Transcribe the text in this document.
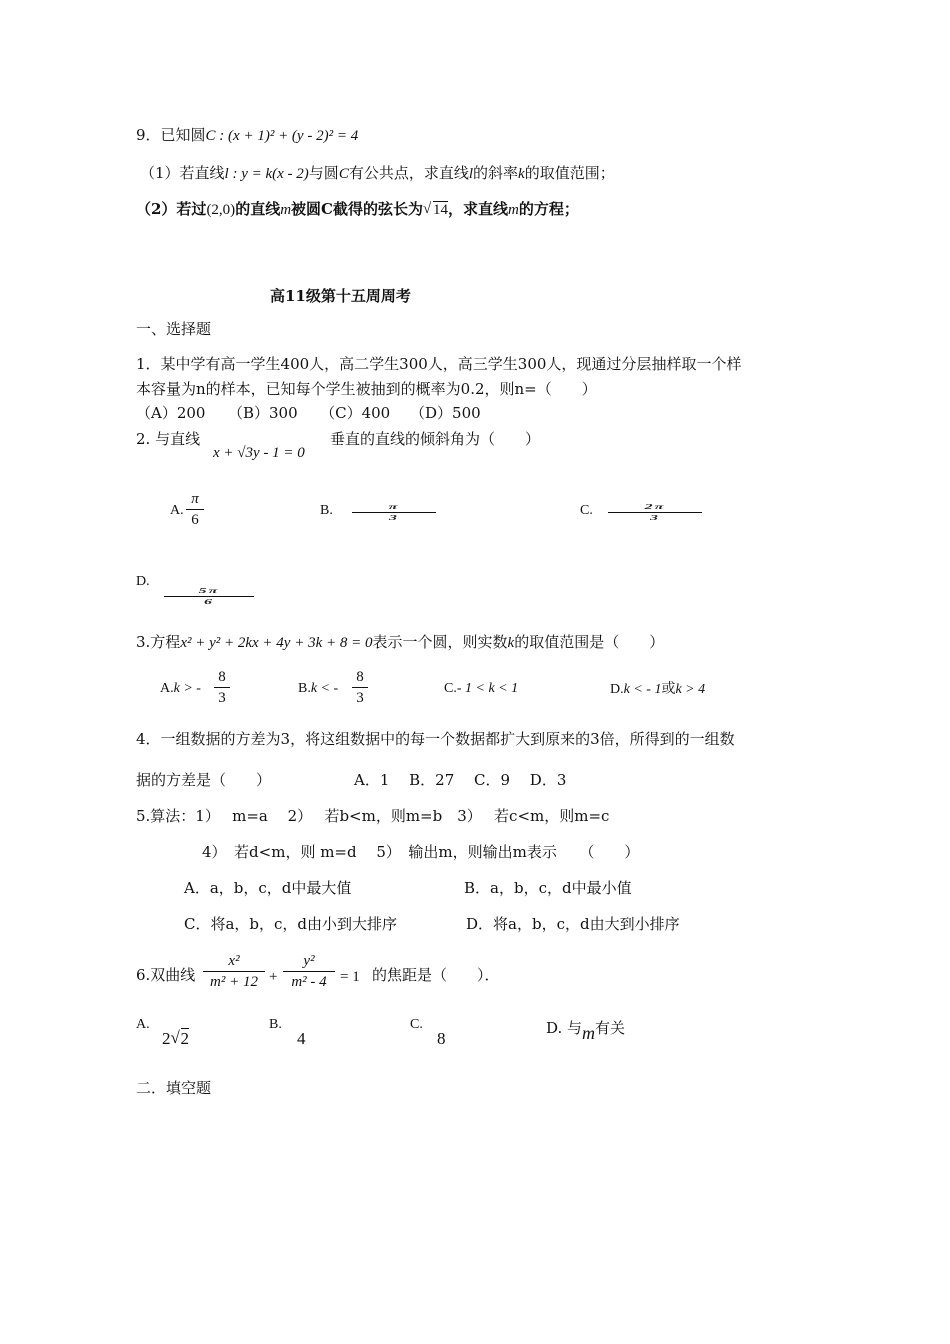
9．已知圆C : (x + 1)² + (y - 2)² = 4
（1）若直线l : y = k(x - 2)与圆C有公共点，求直线l的斜率k的取值范围；
（2）若过(2,0)的直线m被圆C截得的弦长为 √ 14，求直线m的方程；
高11级第十五周周考
一、选择题
1．某中学有高一学生400人，高二学生300人，高三学生300人，现通过分层抽样取一个样
本容量为n的样本，已知每个学生被抽到的概率为0.2，则n=（　　）
（A）200　　（B）300　　（C）400　 （D）500
2. 与直线
x + √3y - 1 = 0
垂直的直线的倾斜角为（　　）
A.
π
6
B.	π
3	C.	2π
3
D.
5π
6
3.方程x² + y² + 2kx + 4y + 3k + 8 = 0表示一个圆，则实数k的取值范围是（　　）
A.k > -
8
3
B.k < -
8
3
C.- 1 < k < 1	D.k < - 1或k > 4
4．一组数据的方差为3，将这组数据中的每一个数据都扩大到原来的3倍，所得到的一组数
据的方差是（　　）	A．1　 B．27　 C．9　 D．3
5.算法：1）　 m=a　 2）　 若b<m，则m=b　3）　 若c<m，则m=c
4）　若d<m，则 m=d　 5）　输出m，则输出m表示　　（　　）
A．a，b，c，d中最大值	B．a，b，c，d中最小值
C．将a，b，c，d由小到大排序	D．将a，b，c，d由大到小排序
6.双曲线
x²
m² + 12 +
y²
m² - 4 = 1 的焦距是（　　）．
A.
2 √ 2
B.
4
C.
8
D. 与m有关
二．填空题
